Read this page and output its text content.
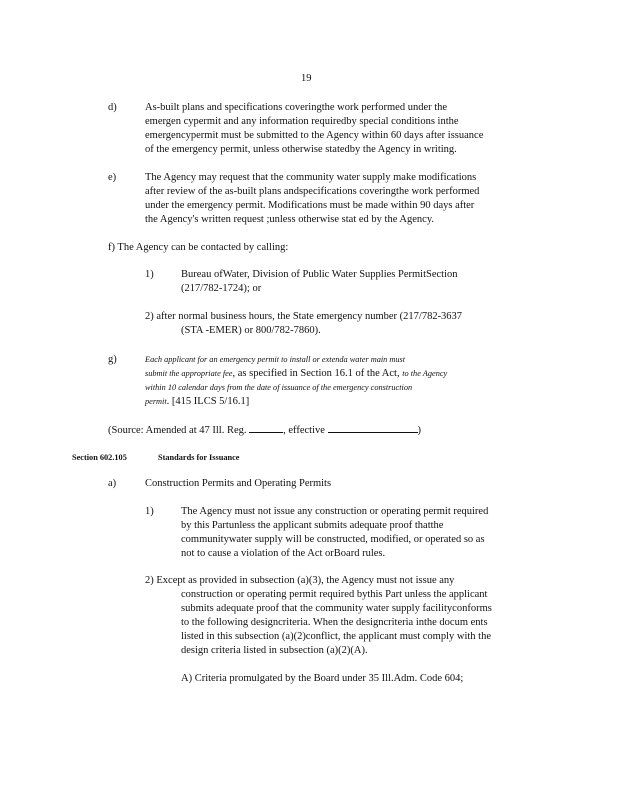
19
d)	As-built plans and specifications coveringthe work performed under the
emergen cypermit and any information requiredby special conditions inthe
emergencypermit must be submitted to the Agency within 60 days after issuance
of the emergency permit, unless otherwise statedby the Agency in writing.
e)	The Agency may request that the community water supply make modifications
after review of the as-built plans andspecifications coveringthe work performed
under the emergency permit. Modifications must be made within 90 days after
the Agency's written request ;unless otherwise stat ed by the Agency.
f) The Agency can be contacted by calling:
1)	Bureau ofWater, Division of Public Water Supplies PermitSection
(217/782-1724); or
2) after normal business hours, the State emergency number (217/782-3637
(STA -EMER) or 800/782-7860).
g)	Each applicant for an emergency permit to install or extenda water main must
submit the appropriate fee, as specified in Section 16.1 of the Act, to the Agency
within 10 calendar days from the date of issuance of the emergency construction
permit. [415 ILCS 5/16.1]
(Source: Amended at 47 Ill. Reg.	, effective	)
Section 602.105	Standards for Issuance
a)	Construction Permits and Operating Permits
1)	The Agency must not issue any construction or operating permit required
by this Partunless the applicant submits adequate proof thatthe
communitywater supply will be constructed, modified, or operated so as
not to cause a violation of the Act orBoard rules.
2) Except as provided in subsection (a)(3), the Agency must not issue any
construction or operating permit required bythis Part unless the applicant
submits adequate proof that the community water supply facilityconforms
to the following designcriteria. When the designcriteria inthe docum ents
listed in this subsection (a)(2)conflict, the applicant must comply with the
design criteria listed in subsection (a)(2)(A).
A) Criteria promulgated by the Board under 35 Ill.Adm. Code 604;
